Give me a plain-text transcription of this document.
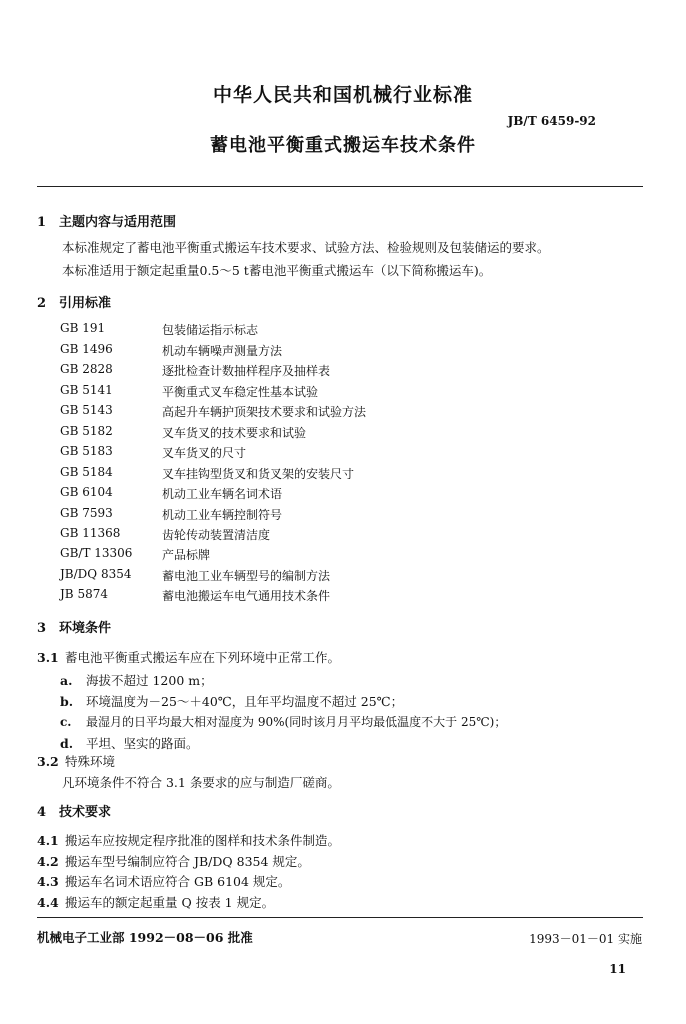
中华人民共和国机械行业标准
JB/T 6459-92
蓄电池平衡重式搬运车技术条件
1 主题内容与适用范围
本标准规定了蓄电池平衡重式搬运车技术要求、试验方法、检验规则及包装储运的要求。
本标准适用于额定起重量0.5～5 t蓄电池平衡重式搬运车（以下简称搬运车)。
2 引用标准
GB 191	包装储运指示标志
GB 1496	机动车辆噪声测量方法
GB 2828	逐批检查计数抽样程序及抽样表
GB 5141	平衡重式叉车稳定性基本试验
GB 5143	高起升车辆护顶架技术要求和试验方法
GB 5182	叉车货叉的技术要求和试验
GB 5183	叉车货叉的尺寸
GB 5184	叉车挂钩型货叉和货叉架的安装尺寸
GB 6104	机动工业车辆名词术语
GB 7593	机动工业车辆控制符号
GB 11368	齿轮传动装置清洁度
GB/T 13306 产品标牌
JB/DQ 8354	蓄电池工业车辆型号的编制方法
JB 5874	蓄电池搬运车电气通用技术条件
3 环境条件
3.1 蓄电池平衡重式搬运车应在下列环境中正常工作。
a. 海拔不超过 1200 m；
b. 环境温度为－25～＋40℃，且年平均温度不超过 25℃；
c. 最湿月的日平均最大相对湿度为 90%(同时该月月平均最低温度不大于 25℃)；
d. 平坦、坚实的路面。
3.2 特殊环境
凡环境条件不符合 3.1 条要求的应与制造厂磋商。
4 技术要求
4.1 搬运车应按规定程序批准的图样和技术条件制造。
4.2 搬运车型号编制应符合 JB/DQ 8354 规定。
4.3 搬运车名词术语应符合 GB 6104 规定。
4.4 搬运车的额定起重量 Q 按表 1 规定。
机械电子工业部 1992－08－06 批准	1993－01－01 实施
11
